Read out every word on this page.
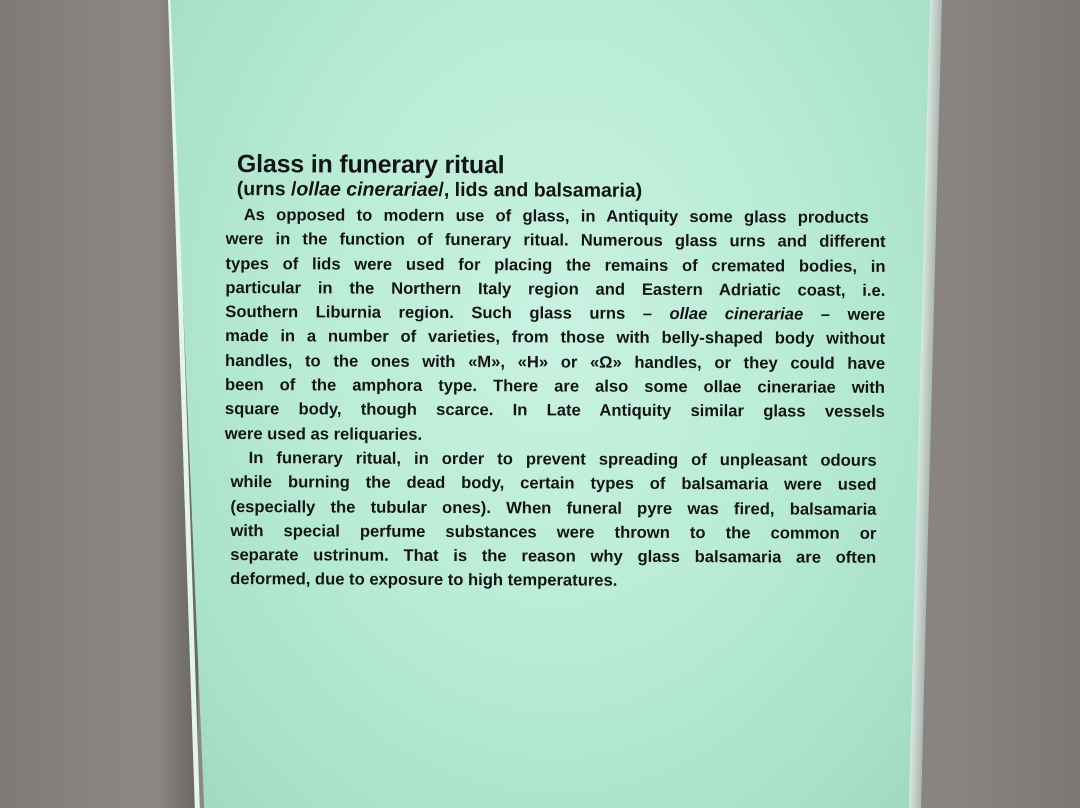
Glass in funerary ritual
(urns /ollae cinerariae/, lids and balsamaria)
As opposed to modern use of glass, in Antiquity some glass products
were in the function of funerary ritual. Numerous glass urns and different
types of lids were used for placing the remains of cremated bodies, in
particular in the Northern Italy region and Eastern Adriatic coast, i.e.
Southern Liburnia region. Such glass urns – ollae cinerariae – were
made in a number of varieties, from those with belly-shaped body without
handles, to the ones with «M», «H» or «Ω» handles, or they could have
been of the amphora type. There are also some ollae cinerariae with
square body, though scarce. In Late Antiquity similar glass vessels
were used as reliquaries.
In funerary ritual, in order to prevent spreading of unpleasant odours
while burning the dead body, certain types of balsamaria were used
(especially the tubular ones). When funeral pyre was fired, balsamaria
with special perfume substances were thrown to the common or
separate ustrinum. That is the reason why glass balsamaria are often
deformed, due to exposure to high temperatures.
